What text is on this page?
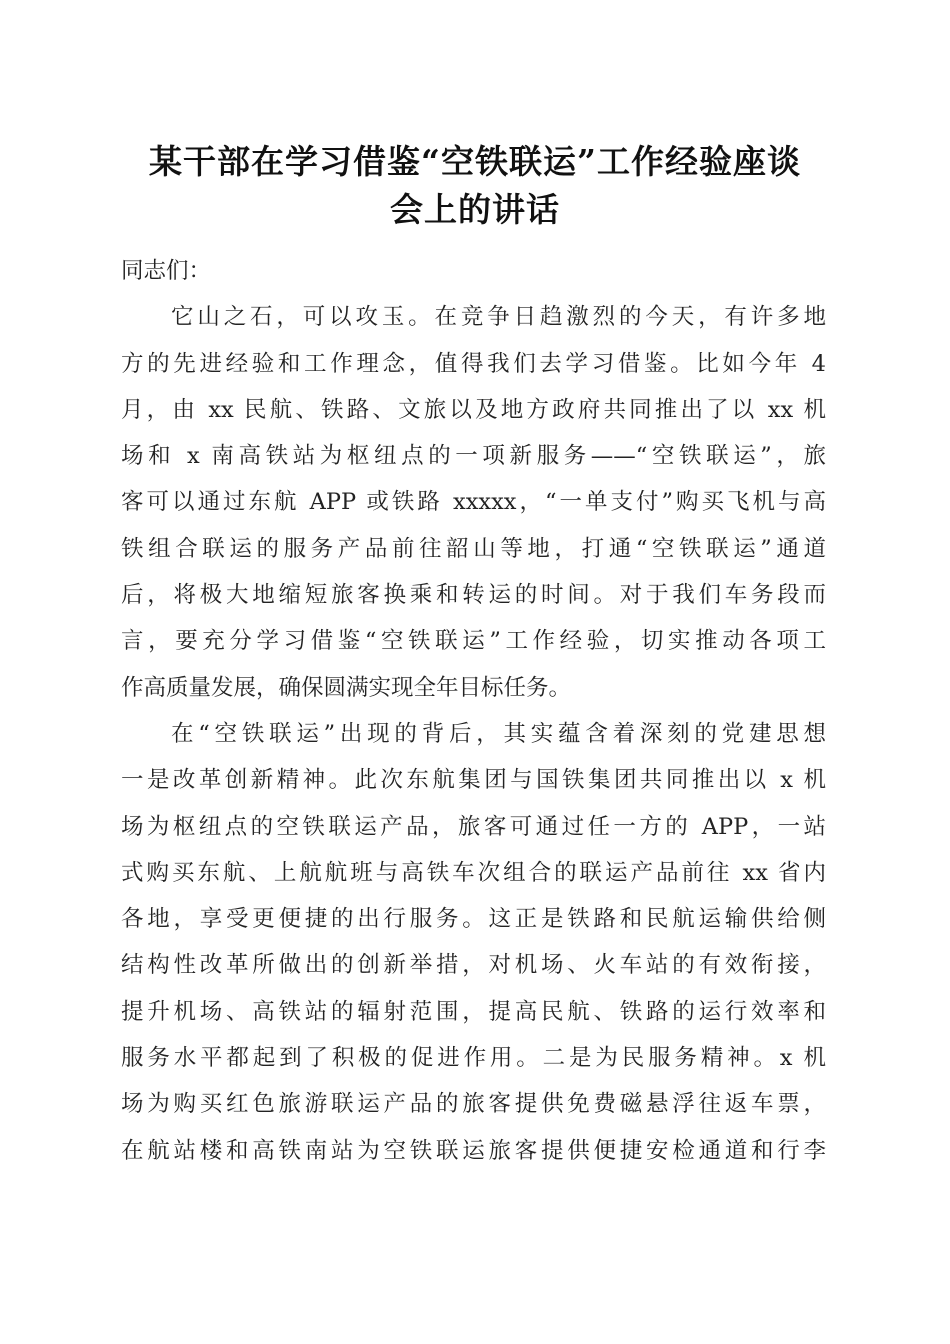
某干部在学习借鉴“空铁联运”工作经验座谈
会上的讲话
同志们：
它山之石，可以攻玉。在竞争日趋激烈的今天，有许多地
方的先进经验和工作理念，值得我们去学习借鉴。比如今年 4
月，由 xx 民航、铁路、文旅以及地方政府共同推出了以 xx 机
场和 x 南高铁站为枢纽点的一项新服务——“空铁联运”，旅
客可以通过东航 APP 或铁路 xxxxx，“一单支付”购买飞机与高
铁组合联运的服务产品前往韶山等地，打通“空铁联运”通道
后，将极大地缩短旅客换乘和转运的时间。对于我们车务段而
言，要充分学习借鉴“空铁联运”工作经验，切实推动各项工
作高质量发展，确保圆满实现全年目标任务。
在“空铁联运”出现的背后，其实蕴含着深刻的党建思想
一是改革创新精神。此次东航集团与国铁集团共同推出以 x 机
场为枢纽点的空铁联运产品，旅客可通过任一方的 APP，一站
式购买东航、上航航班与高铁车次组合的联运产品前往 xx 省内
各地，享受更便捷的出行服务。这正是铁路和民航运输供给侧
结构性改革所做出的创新举措，对机场、火车站的有效衔接，
提升机场、高铁站的辐射范围，提高民航、铁路的运行效率和
服务水平都起到了积极的促进作用。二是为民服务精神。x 机
场为购买红色旅游联运产品的旅客提供免费磁悬浮往返车票，
在航站楼和高铁南站为空铁联运旅客提供便捷安检通道和行李
